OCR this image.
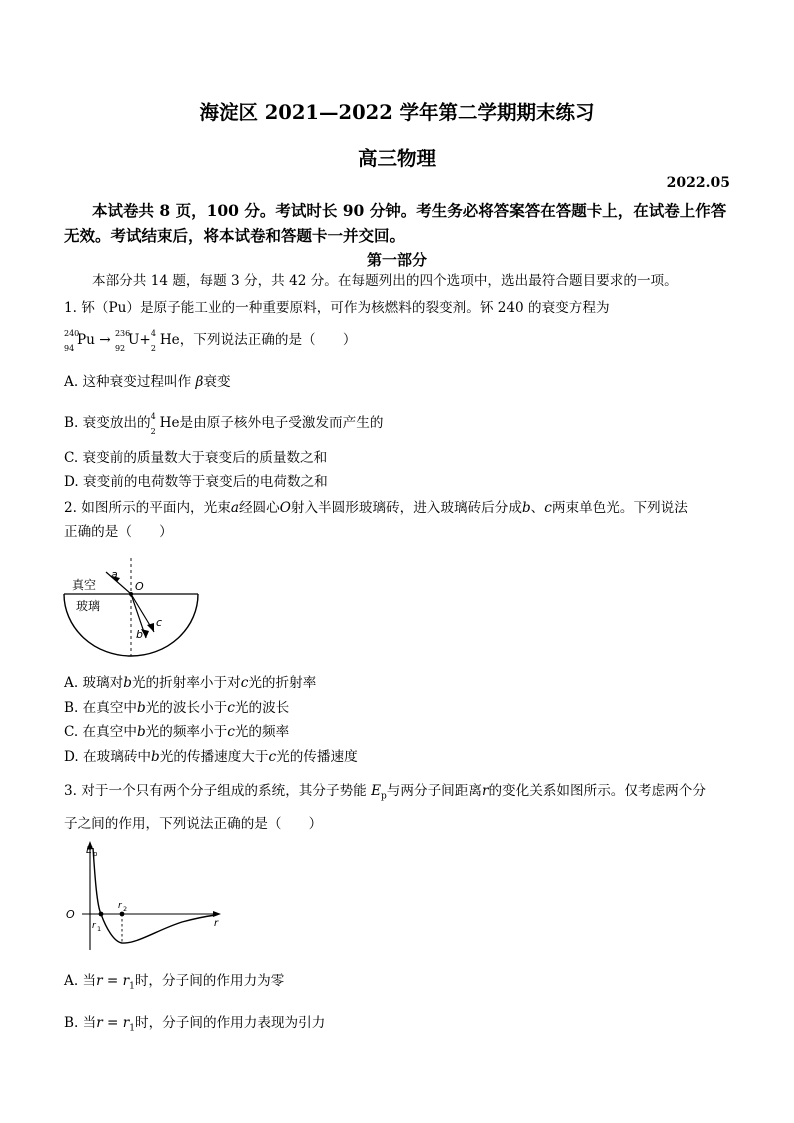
海淀区 2021—2022 学年第二学期期末练习
高三物理
2022.05
本试卷共 8 页，100 分。考试时长 90 分钟。考生务必将答案答在答题卡上，在试卷上作答
无效。考试结束后，将本试卷和答题卡一并交回。
第一部分
本部分共 14 题，每题 3 分，共 42 分。在每题列出的四个选项中，选出最符合题目要求的一项。
1. 钚（Pu）是原子能工业的一种重要原料，可作为核燃料的裂变剂。钚 240 的衰变方程为
240
94
Pu → 236
92
U+ 4
2
He，下列说法正确的是（　　）
A. 这种衰变过程叫作 β衰变
B. 衰变放出的 4
2
He是由原子核外电子受激发而产生的
C. 衰变前的质量数大于衰变后的质量数之和
D. 衰变前的电荷数等于衰变后的电荷数之和
2. 如图所示的平面内，光束a经圆心O射入半圆形玻璃砖，进入玻璃砖后分成b、c两束单色光。下列说法
正确的是（　　）
真空
玻璃
a
O
b
c
A. 玻璃对b光的折射率小于对c光的折射率
B. 在真空中b光的波长小于c光的波长
C. 在真空中b光的频率小于c光的频率
D. 在玻璃砖中b光的传播速度大于c光的传播速度
3. 对于一个只有两个分子组成的系统，其分子势能 $E_p$与两分子间距离r的变化关系如图所示。仅考虑两个分
子之间的作用，下列说法正确的是（　　）
E p
O
r
r 1
r 2
A. 当$r = r_1$时，分子间的作用力为零
B. 当$r = r_1$时，分子间的作用力表现为引力
